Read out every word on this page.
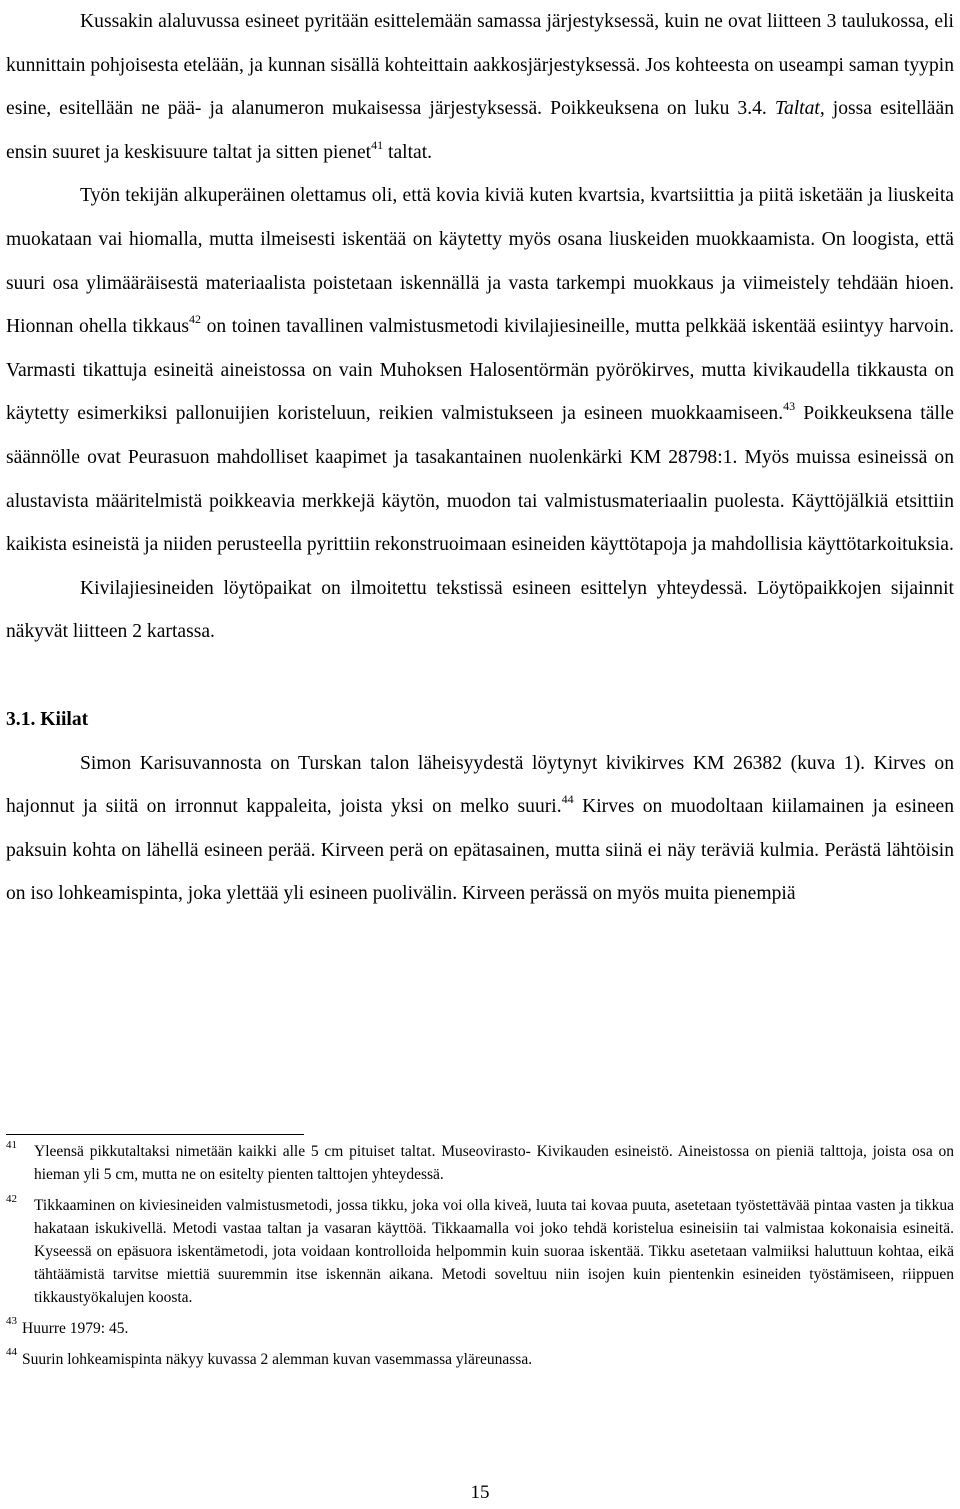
Kussakin alaluvussa esineet pyritään esittelemään samassa järjestyksessä, kuin ne ovat liitteen 3 taulukossa, eli kunnittain pohjoisesta etelään, ja kunnan sisällä kohteittain aakkosjärjestyksessä. Jos kohteesta on useampi saman tyypin esine, esitellään ne pää- ja alanumeron mukaisessa järjestyksessä. Poikkeuksena on luku 3.4. Taltat, jossa esitellään ensin suuret ja keskisuure taltat ja sitten pienet$^{41}$ taltat.

Työn tekijän alkuperäinen olettamus oli, että kovia kiviä kuten kvartsia, kvartsiittia ja piitä isketään ja liuskeita muokataan vai hiomalla, mutta ilmeisesti iskentää on käytetty myös osana liuskeiden muokkaamista. On loogista, että suuri osa ylimääräisestä materiaalista poistetaan iskennällä ja vasta tarkempi muokkaus ja viimeistely tehdään hioen. Hionnan ohella tikkaus$^{42}$ on toinen tavallinen valmistusmetodi kivilajiesineille, mutta pelkkää iskentää esiintyy harvoin. Varmasti tikattuja esineitä aineistossa on vain Muhoksen Halosentörmän pyörökirves, mutta kivikaudella tikkausta on käytetty esimerkiksi pallonuijien koristeluun, reikien valmistukseen ja esineen muokkaamiseen.$^{43}$ Poikkeuksena tälle säännölle ovat Peurasuon mahdolliset kaapimet ja tasakantainen nuolenkärki KM 28798:1. Myös muissa esineissä on alustavista määritelmistä poikkeavia merkkejä käytön, muodon tai valmistusmateriaalin puolesta. Käyttöjälkiä etsittiin kaikista esineistä ja niiden perusteella pyrittiin rekonstruoimaan esineiden käyttötapoja ja mahdollisia käyttötarkoituksia.

Kivilajiesineiden löytöpaikat on ilmoitettu tekstissä esineen esittelyn yhteydessä. Löytöpaikkojen sijainnit näkyvät liitteen 2 kartassa.

3.1. Kiilat

Simon Karisuvannosta on Turskan talon läheisyydestä löytynyt kivikirves KM 26382 (kuva 1). Kirves on hajonnut ja siitä on irronnut kappaleita, joista yksi on melko suuri.$^{44}$ Kirves on muodoltaan kiilamainen ja esineen paksuin kohta on lähellä esineen perää. Kirveen perä on epätasainen, mutta siinä ei näy teräviä kulmia. Perästä lähtöisin on iso lohkeamispinta, joka ylettää yli esineen puolivälin. Kirveen perässä on myös muita pienempiä

41 Yleensä pikkutaltaksi nimetään kaikki alle 5 cm pituiset taltat. Museovirasto- Kivikauden esineistö. Aineistossa on pieniä talttoja, joista osa on hieman yli 5 cm, mutta ne on esitelty pienten talttojen yhteydessä.

42 Tikkaaminen on kiviesineiden valmistusmetodi, jossa tikku, joka voi olla kiveä, luuta tai kovaa puuta, asetetaan työstettävää pintaa vasten ja tikkua hakataan iskukivellä. Metodi vastaa taltan ja vasaran käyttöä. Tikkaamalla voi joko tehdä koristelua esineisiin tai valmistaa kokonaisia esineitä. Kyseessä on epäsuora iskentämetodi, jota voidaan kontrolloida helpommin kuin suoraa iskentää. Tikku asetetaan valmiiksi haluttuun kohtaa, eikä tähtäämistä tarvitse miettiä suuremmin itse iskennän aikana. Metodi soveltuu niin isojen kuin pientenkin esineiden työstämiseen, riippuen tikkaustyökalujen koosta.

43 Huurre 1979: 45.

44 Suurin lohkeamispinta näkyy kuvassa 2 alemman kuvan vasemmassa yläreunassa.

15
